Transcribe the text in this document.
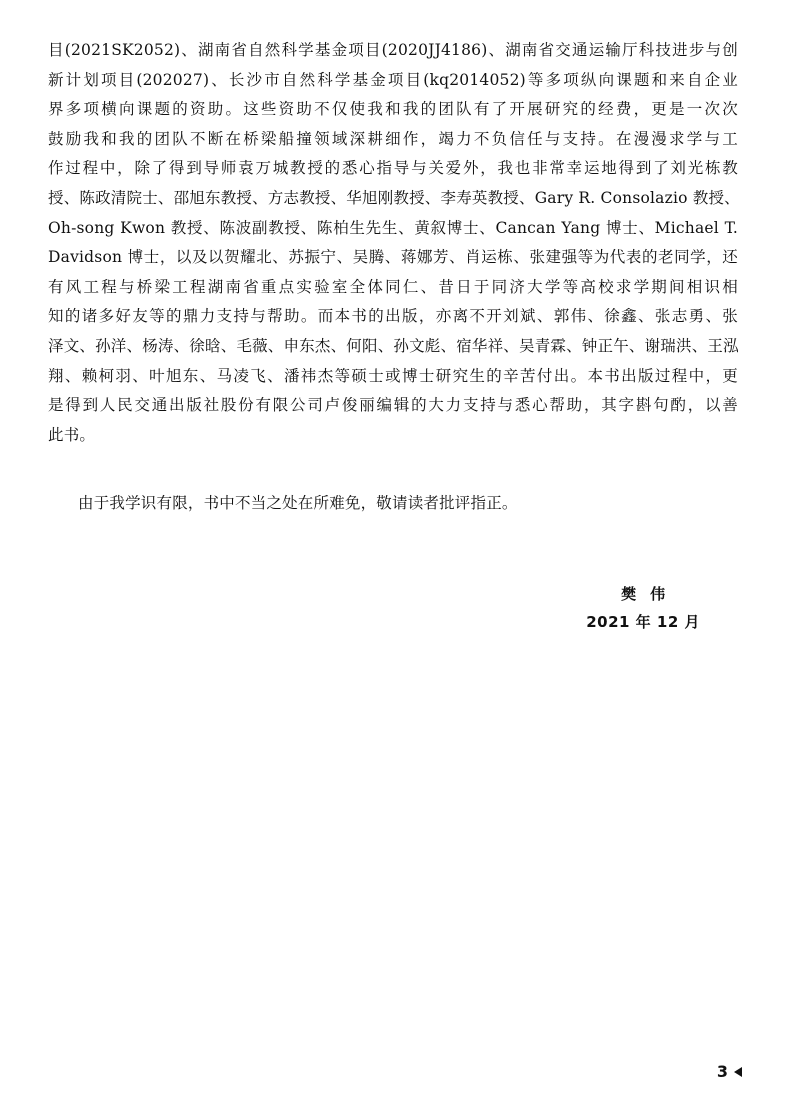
目(2021SK2052)、湖南省自然科学基金项目(2020JJ4186)、湖南省交通运输厅科技进步与创
新计划项目(202027)、长沙市自然科学基金项目(kq2014052)等多项纵向课题和来自企业
界多项横向课题的资助。这些资助不仅使我和我的团队有了开展研究的经费，更是一次次
鼓励我和我的团队不断在桥梁船撞领域深耕细作，竭力不负信任与支持。在漫漫求学与工
作过程中，除了得到导师袁万城教授的悉心指导与关爱外，我也非常幸运地得到了刘光栋教
授、陈政清院士、邵旭东教授、方志教授、华旭刚教授、李寿英教授、Gary R. Consolazio 教授、
Oh-song Kwon 教授、陈波副教授、陈柏生先生、黄叙博士、Cancan Yang 博士、Michael T.
Davidson 博士，以及以贺耀北、苏振宁、吴腾、蒋娜芳、肖运栋、张建强等为代表的老同学，还
有风工程与桥梁工程湖南省重点实验室全体同仁、昔日于同济大学等高校求学期间相识相
知的诸多好友等的鼎力支持与帮助。而本书的出版，亦离不开刘斌、郭伟、徐鑫、张志勇、张
泽文、孙洋、杨涛、徐晗、毛薇、申东杰、何阳、孙文彪、宿华祥、吴青霖、钟正午、谢瑞洪、王泓
翔、赖柯羽、叶旭东、马凌飞、潘祎杰等硕士或博士研究生的辛苦付出。本书出版过程中，更
是得到人民交通出版社股份有限公司卢俊丽编辑的大力支持与悉心帮助，其字斟句酌，以善
此书。
由于我学识有限，书中不当之处在所难免，敬请读者批评指正。
樊伟
2021 年 12 月
3
